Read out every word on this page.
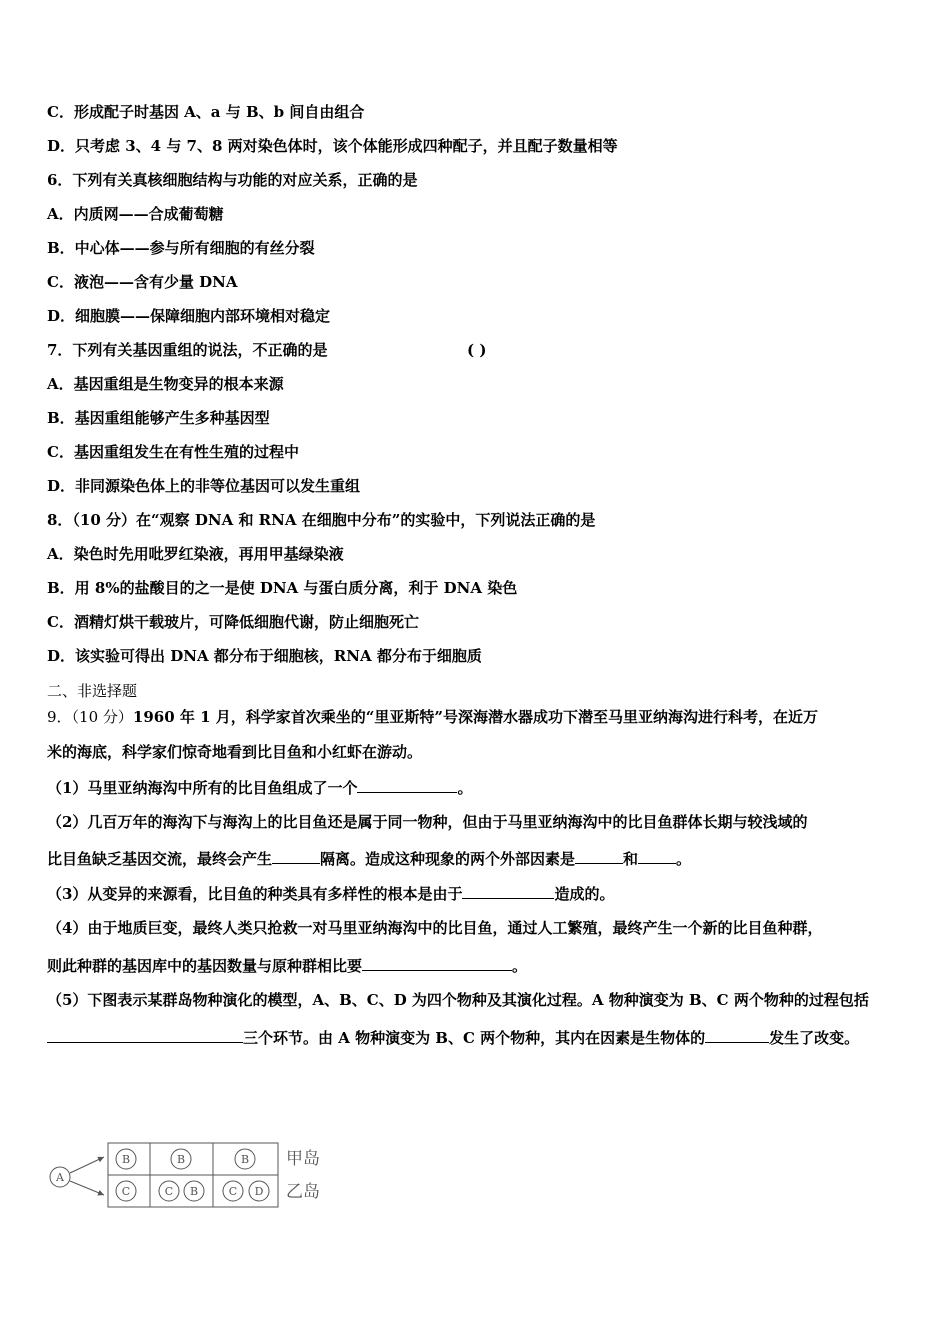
C．形成配子时基因 A、a 与 B、b 间自由组合
D．只考虑 3、4 与 7、8 两对染色体时，该个体能形成四种配子，并且配子数量相等
6．下列有关真核细胞结构与功能的对应关系，正确的是
A．内质网——合成葡萄糖
B．中心体——参与所有细胞的有丝分裂
C．液泡——含有少量 DNA
D．细胞膜——保障细胞内部环境相对稳定
7．下列有关基因重组的说法，不正确的是	( )
A．基因重组是生物变异的根本来源
B．基因重组能够产生多种基因型
C．基因重组发生在有性生殖的过程中
D．非同源染色体上的非等位基因可以发生重组
8．（10 分）在“观察 DNA 和 RNA 在细胞中分布”的实验中，下列说法正确的是
A．染色时先用吡罗红染液，再用甲基绿染液
B．用 8%的盐酸目的之一是使 DNA 与蛋白质分离，利于 DNA 染色
C．酒精灯烘干载玻片，可降低细胞代谢，防止细胞死亡
D．该实验可得出 DNA 都分布于细胞核，RNA 都分布于细胞质
二、非选择题
9．（10 分）1960 年 1 月，科学家首次乘坐的“里亚斯特”号深海潜水器成功下潜至马里亚纳海沟进行科考，在近万
米的海底，科学家们惊奇地看到比目鱼和小红虾在游动。
（1）马里亚纳海沟中所有的比目鱼组成了一个	。
（2）几百万年的海沟下与海沟上的比目鱼还是属于同一物种，但由于马里亚纳海沟中的比目鱼群体长期与较浅域的
比目鱼缺乏基因交流，最终会产生	隔离。造成这种现象的两个外部因素是	和	。
（3）从变异的来源看，比目鱼的种类具有多样性的根本是由于	造成的。
（4）由于地质巨变，最终人类只抢救一对马里亚纳海沟中的比目鱼，通过人工繁殖，最终产生一个新的比目鱼种群，
则此种群的基因库中的基因数量与原种群相比要	。
（5）下图表示某群岛物种演化的模型，A、B、C、D 为四个物种及其演化过程。A 物种演变为 B、C 两个物种的过程包括
三个环节。由 A 物种演变为 B、C 两个物种，其内在因素是生物体的	发生了改变。
A
B	B	B
C	C B	C D
甲岛
乙岛
